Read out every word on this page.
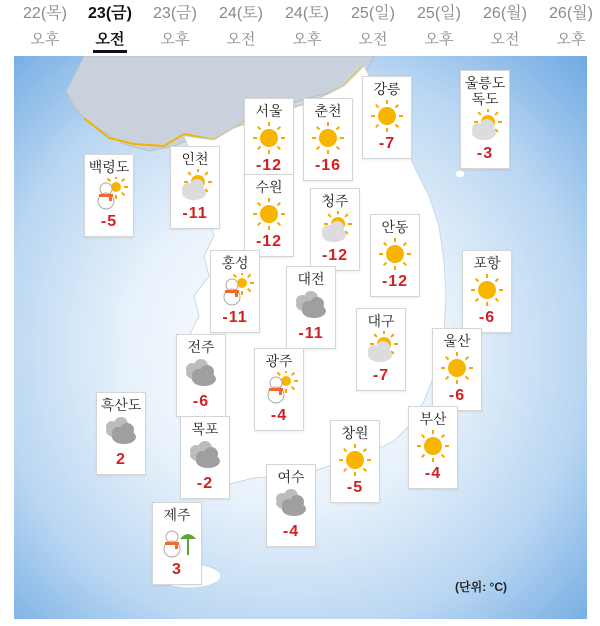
22(목)
오후
23(금)
오전
23(금)
오후
24(토)
오전
24(토)
오후
25(일)
오전
25(일)
오후
26(월)
오전
26(월)
오후
서울
-12
춘천
-16
강릉
-7
울릉도
독도
-3
백령도
-5
인천
-11
수원
-12
청주
-12
안동
-12
홍성
-11
대전
-11
포항
-6
전주
-6
대구
-7
울산
-6
광주
-4
흑산도
2
목포
-2
창원
-5
부산
-4
여수
-4
제주
3
(단위: °C)
